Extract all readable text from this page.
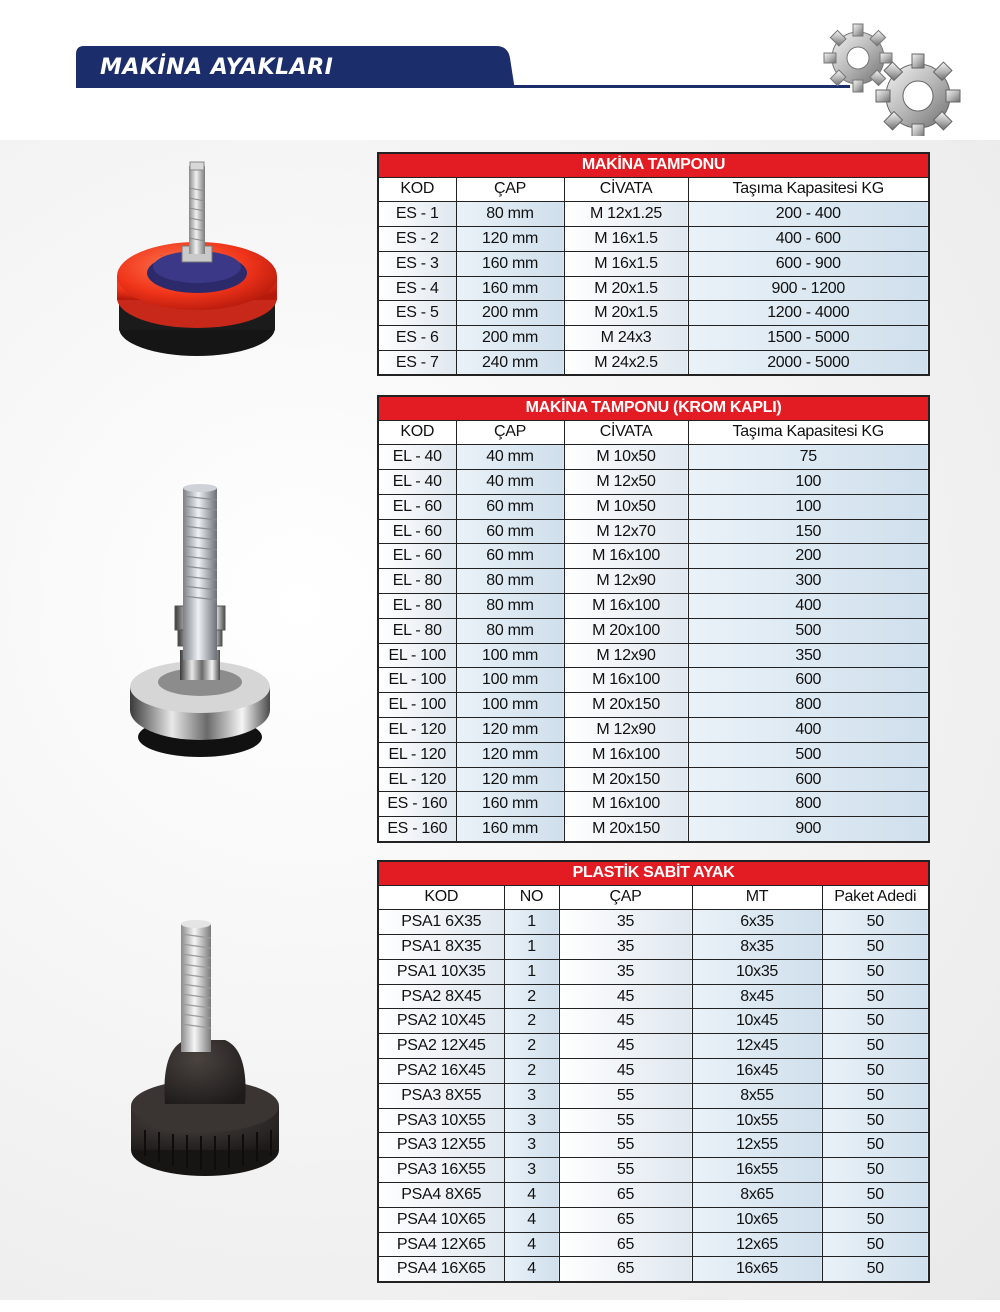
MAKİNA AYAKLARI
MAKİNA TAMPONU			
KOD	ÇAP	CİVATA	Taşıma Kapasitesi KG
ES - 1	80 mm	M 12x1.25	200 - 400
ES - 2	120 mm	M 16x1.5	400 - 600
ES - 3	160 mm	M 16x1.5	600 - 900
ES - 4	160 mm	M 20x1.5	900 - 1200
ES - 5	200 mm	M 20x1.5	1200 - 4000
ES - 6	200 mm	M 24x3	1500 - 5000
ES - 7	240 mm	M 24x2.5	2000 - 5000
MAKİNA TAMPONU (KROM KAPLI)			
KOD	ÇAP	CİVATA	Taşıma Kapasitesi KG
EL - 40	40 mm	M 10x50	75
EL - 40	40 mm	M 12x50	100
EL - 60	60 mm	M 10x50	100
EL - 60	60 mm	M 12x70	150
EL - 60	60 mm	M 16x100	200
EL - 80	80 mm	M 12x90	300
EL - 80	80 mm	M 16x100	400
EL - 80	80 mm	M 20x100	500
EL - 100	100 mm	M 12x90	350
EL - 100	100 mm	M 16x100	600
EL - 100	100 mm	M 20x150	800
EL - 120	120 mm	M 12x90	400
EL - 120	120 mm	M 16x100	500
EL - 120	120 mm	M 20x150	600
ES - 160	160 mm	M 16x100	800
ES - 160	160 mm	M 20x150	900
PLASTİK SABİT AYAK				
KOD	NO	ÇAP	MT	Paket Adedi
PSA1 6X35	1	35	6x35	50
PSA1 8X35	1	35	8x35	50
PSA1 10X35	1	35	10x35	50
PSA2 8X45	2	45	8x45	50
PSA2 10X45	2	45	10x45	50
PSA2 12X45	2	45	12x45	50
PSA2 16X45	2	45	16x45	50
PSA3 8X55	3	55	8x55	50
PSA3 10X55	3	55	10x55	50
PSA3 12X55	3	55	12x55	50
PSA3 16X55	3	55	16x55	50
PSA4 8X65	4	65	8x65	50
PSA4 10X65	4	65	10x65	50
PSA4 12X65	4	65	12x65	50
PSA4 16X65	4	65	16x65	50
